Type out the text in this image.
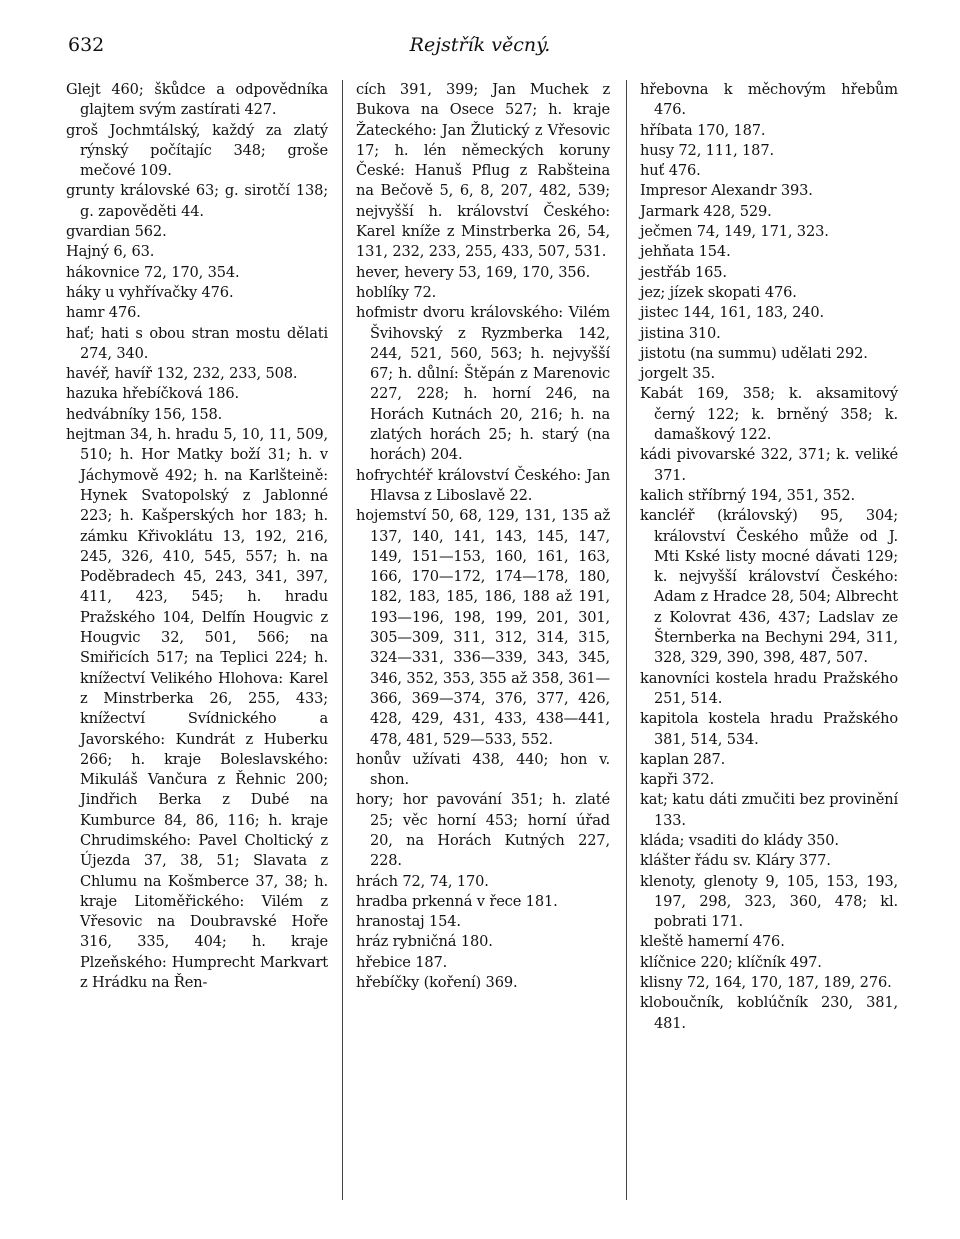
632	Rejstřík věcný.

Glejt 460; škůdce a odpovědníka glajtem svým zastírati 427.

groš Jochmtálský, každý za zlatý rýnský počítajíc 348; groše mečové 109.

grunty královské 63; g. sirotčí 138; g. zapověděti 44.

gvardian 562.

Hajný 6, 63.

hákovnice 72, 170, 354.

háky u vyhřívačky 476.

hamr 476.

hať; hati s obou stran mostu dělati 274, 340.

havéř, havíř 132, 232, 233, 508.

hazuka hřebíčková 186.

hedvábníky 156, 158.

hejtman 34, h. hradu 5, 10, 11, 509, 510; h. Hor Matky boží 31; h. v Jáchymově 492; h. na Karlšteině: Hynek Svatopolský z Jablonné 223; h. Kašperských hor 183; h. zámku Křivoklátu 13, 192, 216, 245, 326, 410, 545, 557; h. na Poděbradech 45, 243, 341, 397, 411, 423, 545; h. hradu Pražského 104, Delfín Hougvic z Hougvic 32, 501, 566; na Smiřicích 517; na Teplici 224; h. knížectví Velikého Hlohova: Karel z Minstrberka 26, 255, 433; knížectví Svídnického a Javorského: Kundrát z Huberku 266; h. kraje Boleslavského: Mikuláš Vančura z Řehnic 200; Jindřich Berka z Dubé na Kumburce 84, 86, 116; h. kraje Chrudimského: Pavel Choltický z Újezda 37, 38, 51; Slavata z Chlumu na Košmberce 37, 38; h. kraje Litoměřického: Vilém z Vřesovic na Doubravské Hoře 316, 335, 404; h. kraje Plzeňského: Humprecht Markvart z Hrádku na Řen-

cích 391, 399; Jan Muchek z Bukova na Osece 527; h. kraje Žateckého: Jan Žlutický z Vřesovic 17; h. lén německých koruny České: Hanuš Pflug z Rabšteina na Bečově 5, 6, 8, 207, 482, 539; nejvyšší h. království Českého: Karel kníže z Minstrberka 26, 54, 131, 232, 233, 255, 433, 507, 531.

hever, hevery 53, 169, 170, 356.

hoblíky 72.

hofmistr dvoru královského: Vilém Švihovský z Ryzmberka 142, 244, 521, 560, 563; h. nejvyšší 67; h. důlní: Štěpán z Marenovic 227, 228; h. horní 246, na Horách Kutnách 20, 216; h. na zlatých horách 25; h. starý (na horách) 204.

hofrychtéř království Českého: Jan Hlavsa z Liboslavě 22.

hojemství 50, 68, 129, 131, 135 až 137, 140, 141, 143, 145, 147, 149, 151—153, 160, 161, 163, 166, 170—172, 174—178, 180, 182, 183, 185, 186, 188 až 191, 193—196, 198, 199, 201, 301, 305—309, 311, 312, 314, 315, 324—331, 336—339, 343, 345, 346, 352, 353, 355 až 358, 361—366, 369—374, 376, 377, 426, 428, 429, 431, 433, 438—441, 478, 481, 529—533, 552.

honův užívati 438, 440; hon v. shon.

hory; hor pavování 351; h. zlaté 25; věc horní 453; horní úřad 20, na Horách Kutných 227, 228.

hrách 72, 74, 170.

hradba prkenná v řece 181.

hranostaj 154.

hráz rybničná 180.

hřebice 187.

hřebíčky (koření) 369.

hřebovna k měchovým hřebům 476.

hříbata 170, 187.

husy 72, 111, 187.

huť 476.

Impresor Alexandr 393.

Jarmark 428, 529.

ječmen 74, 149, 171, 323.

jehňata 154.

jestřáb 165.

jez; jízek skopati 476.

jistec 144, 161, 183, 240.

jistina 310.

jistotu (na summu) udělati 292.

jorgelt 35.

Kabát 169, 358; k. aksamitový černý 122; k. brněný 358; k. damaškový 122.

kádi pivovarské 322, 371; k. veliké 371.

kalich stříbrný 194, 351, 352.

kancléř (královský) 95, 304; království Českého může od J. Mti Kské listy mocné dávati 129; k. nejvyšší království Českého: Adam z Hradce 28, 504; Albrecht z Kolovrat 436, 437; Ladslav ze Šternberka na Bechyni 294, 311, 328, 329, 390, 398, 487, 507.

kanovníci kostela hradu Pražského 251, 514.

kapitola kostela hradu Pražského 381, 514, 534.

kaplan 287.

kapři 372.

kat; katu dáti zmučiti bez provinění 133.

kláda; vsaditi do klády 350.

klášter řádu sv. Kláry 377.

klenoty, glenoty 9, 105, 153, 193, 197, 298, 323, 360, 478; kl. pobrati 171.

kleště hamerní 476.

klíčnice 220; klíčník 497.

klisny 72, 164, 170, 187, 189, 276.

kloboučník, koblúčník 230, 381, 481.
